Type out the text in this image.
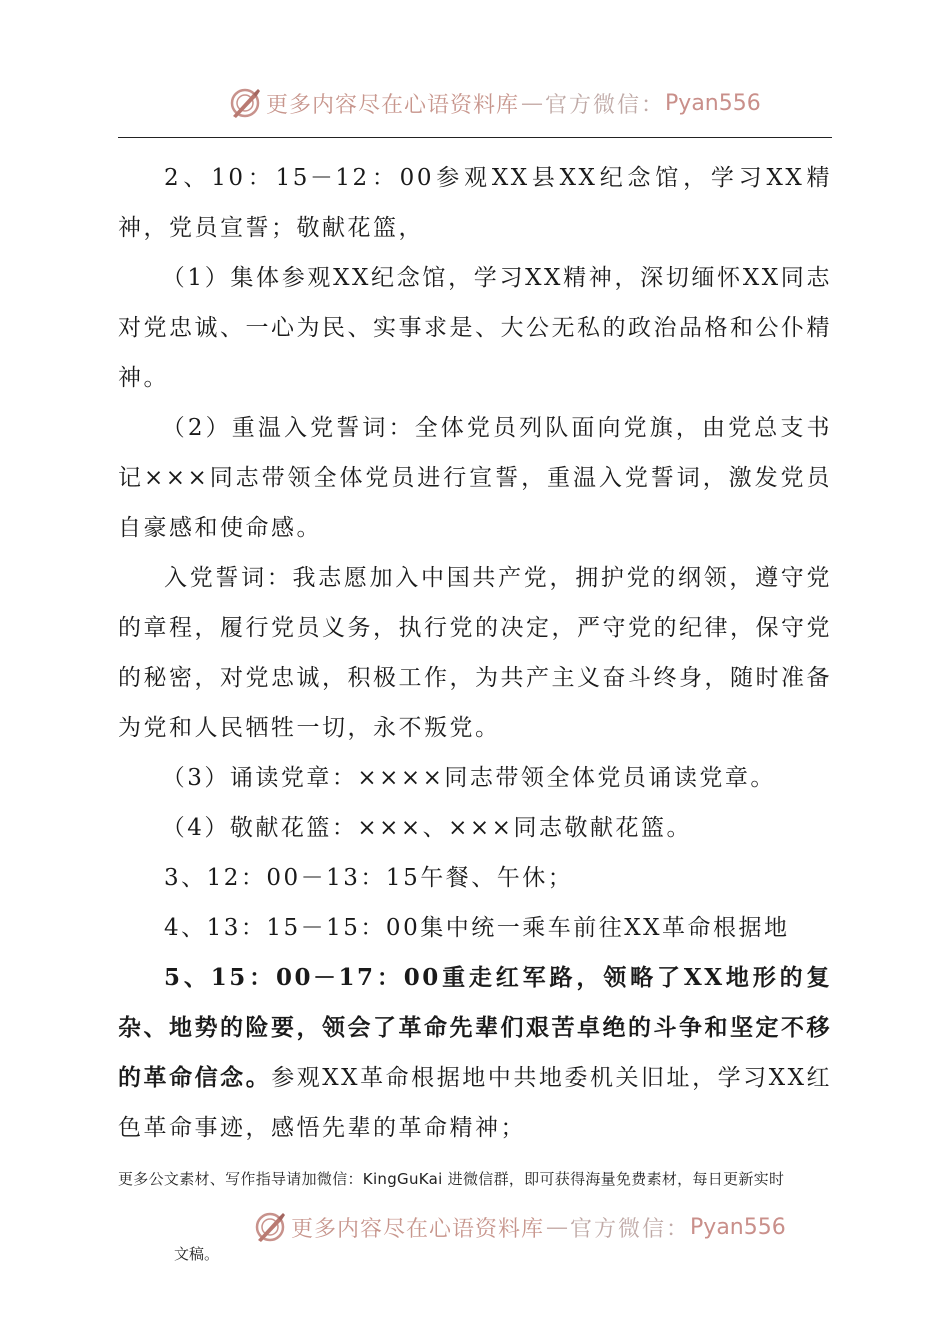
更多内容尽在心语资料库 — 官方微信： Pyan556

2、10：15－12：00参观XX县XX纪念馆，学习XX精神，党员宣誓；敬献花篮，

（1）集体参观XX纪念馆，学习XX精神，深切缅怀XX同志对党忠诚、一心为民、实事求是、大公无私的政治品格和公仆精神。

（2）重温入党誓词：全体党员列队面向党旗，由党总支书记×××同志带领全体党员进行宣誓，重温入党誓词，激发党员自豪感和使命感。

入党誓词：我志愿加入中国共产党，拥护党的纲领，遵守党的章程，履行党员义务，执行党的决定，严守党的纪律，保守党的秘密，对党忠诚，积极工作，为共产主义奋斗终身，随时准备为党和人民牺牲一切，永不叛党。

（3）诵读党章：××××同志带领全体党员诵读党章。

（4）敬献花篮：×××、×××同志敬献花篮。

3、12：00－13：15午餐、午休；

4、13：15－15：00集中统一乘车前往XX革命根据地

5、15：00－17：00重走红军路，领略了XX地形的复杂、地势的险要，领会了革命先辈们艰苦卓绝的斗争和坚定不移的革命信念。参观XX革命根据地中共地委机关旧址，学习XX红色革命事迹，感悟先辈的革命精神；

更多公文素材、写作指导请加微信：KingGuKai 进微信群，即可获得海量免费素材，每日更新实时
更多内容尽在心语资料库 — 官方微信： Pyan556
文稿。
